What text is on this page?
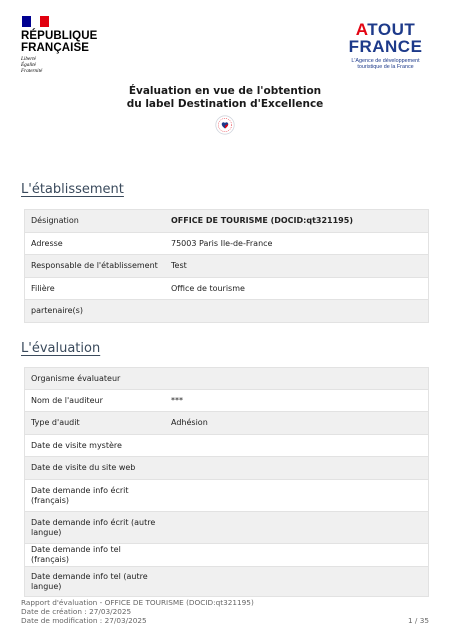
RÉPUBLIQUE
FRANÇAISE
Liberté
Égalité
Fraternité
ATOUT
FRANCE
L'Agence de développement
touristique de la France
Évaluation en vue de l'obtention
du label Destination d'Excellence
L'établissement
Désignation	OFFICE DE TOURISME (DOCID:qt321195)
Adresse	75003 Paris Ile-de-France
Responsable de l'établissement	Test
Filière	Office de tourisme
partenaire(s)
L'évaluation
Organisme évaluateur
Nom de l'auditeur	***
Type d'audit	Adhésion
Date de visite mystère
Date de visite du site web
Date demande info écrit (français)
Date demande info écrit (autre langue)
Date demande info tel (français)
Date demande info tel (autre langue)
Rapport d'évaluation - OFFICE DE TOURISME (DOCID:qt321195)
Date de création : 27/03/2025
Date de modification : 27/03/2025	1 / 35
